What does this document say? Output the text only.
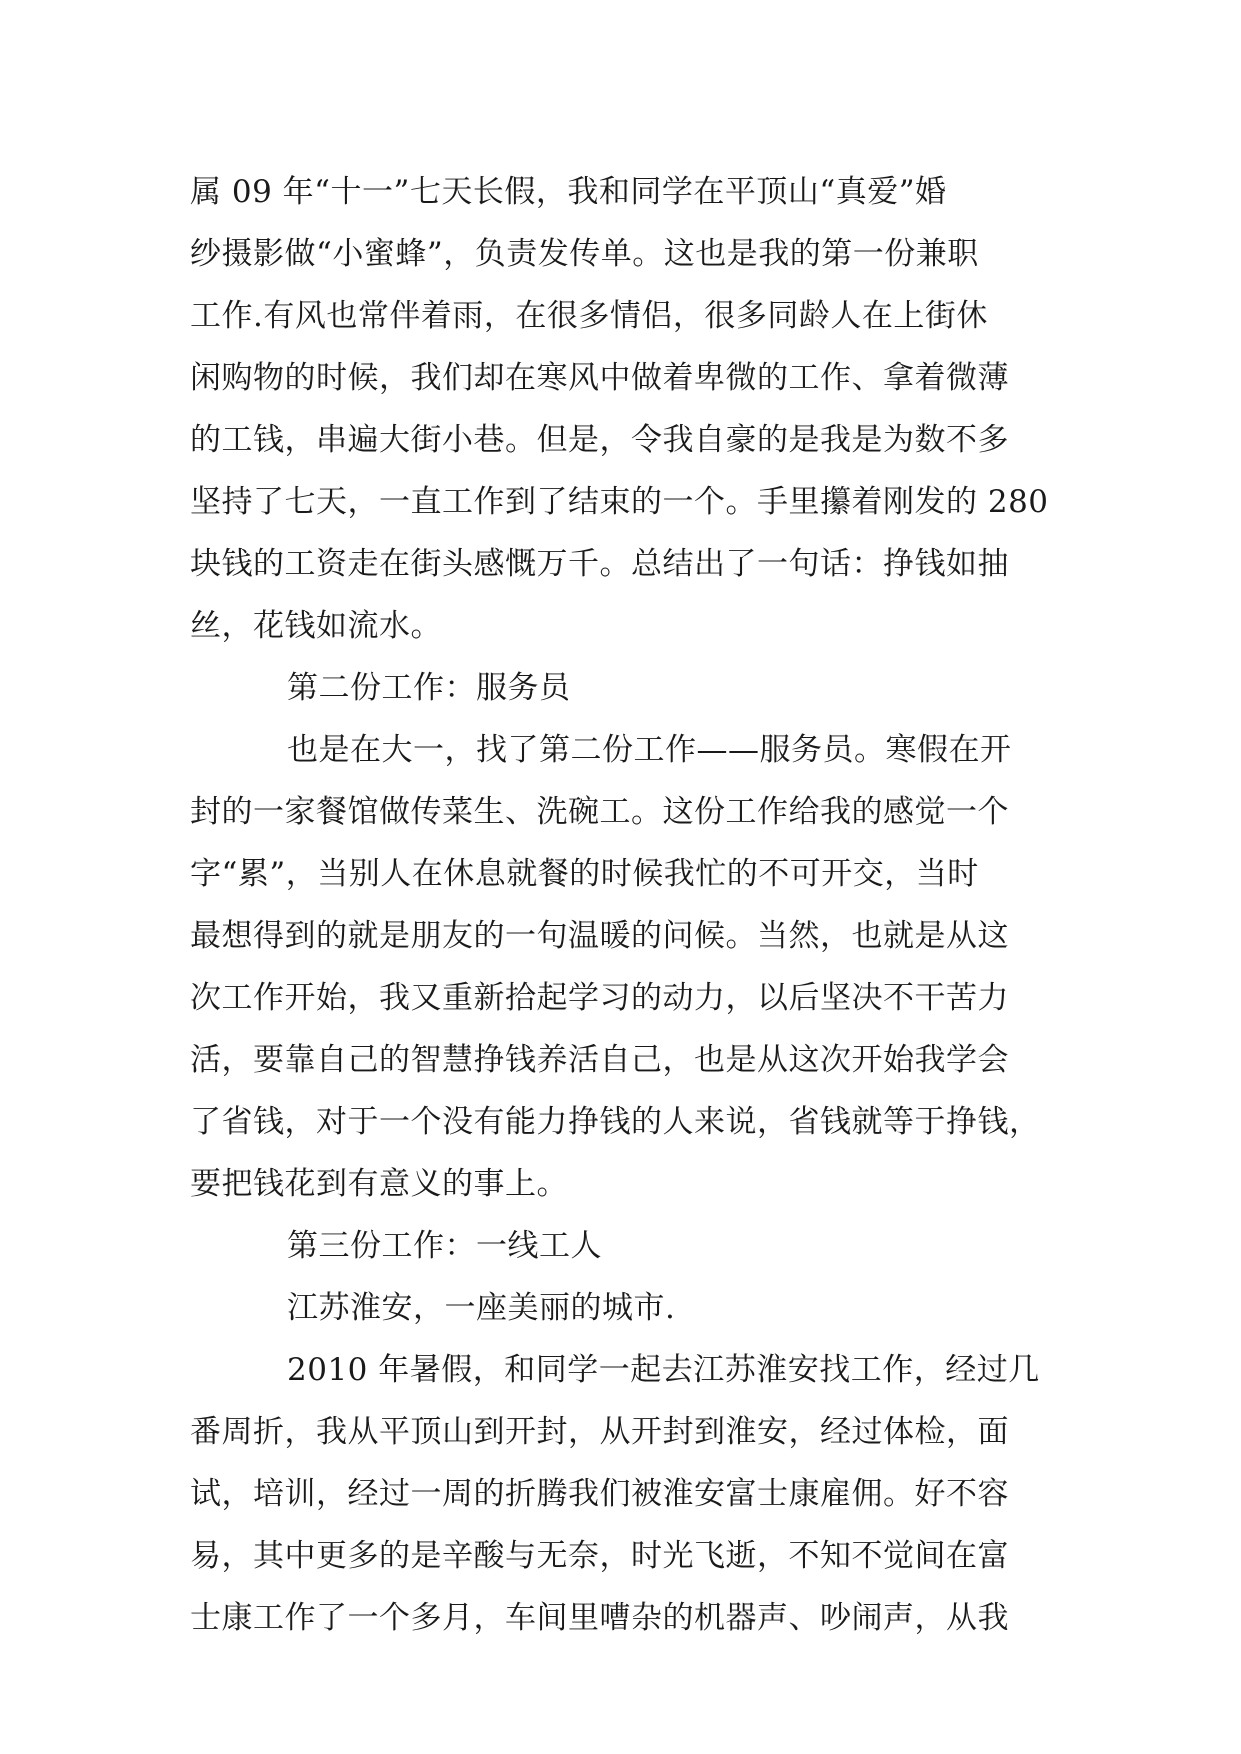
属 09 年“十一”七天长假，我和同学在平顶山“真爱”婚
纱摄影做“小蜜蜂”，负责发传单。这也是我的第一份兼职
工作.有风也常伴着雨，在很多情侣，很多同龄人在上街休
闲购物的时候，我们却在寒风中做着卑微的工作、拿着微薄
的工钱，串遍大街小巷。但是，令我自豪的是我是为数不多
坚持了七天，一直工作到了结束的一个。手里攥着刚发的 280
块钱的工资走在街头感慨万千。总结出了一句话：挣钱如抽
丝，花钱如流水。
第二份工作：服务员
也是在大一，找了第二份工作——服务员。寒假在开
封的一家餐馆做传菜生、洗碗工。这份工作给我的感觉一个
字“累”，当别人在休息就餐的时候我忙的不可开交，当时
最想得到的就是朋友的一句温暖的问候。当然，也就是从这
次工作开始，我又重新拾起学习的动力，以后坚决不干苦力
活，要靠自己的智慧挣钱养活自己，也是从这次开始我学会
了省钱，对于一个没有能力挣钱的人来说，省钱就等于挣钱，
要把钱花到有意义的事上。
第三份工作：一线工人
江苏淮安，一座美丽的城市.
2010 年暑假，和同学一起去江苏淮安找工作，经过几
番周折，我从平顶山到开封，从开封到淮安，经过体检，面
试，培训，经过一周的折腾我们被淮安富士康雇佣。好不容
易，其中更多的是辛酸与无奈，时光飞逝，不知不觉间在富
士康工作了一个多月，车间里嘈杂的机器声、吵闹声，从我
